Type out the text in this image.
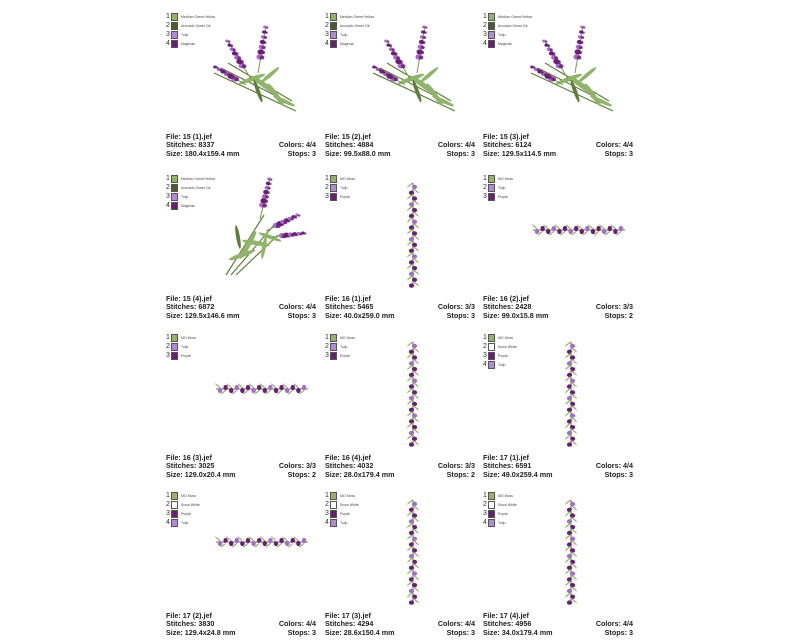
1	Medium Green/Yellow
2	Avocado Green Dk
3	Tulip
4	Magenta
File: 15 (1).jef
Stitches: 8337	Colors: 4/4
Size: 180.4x159.4 mm	Stops: 3
1	Medium Green/Yellow
2	Avocado Green Dk
3	Tulip
4	Magenta
File: 15 (2).jef
Stitches: 4884	Colors: 4/4
Size: 99.5x88.0 mm	Stops: 3
1	Medium Green/Yellow
2	Avocado Green Dk
3	Tulip
4	Magenta
File: 15 (3).jef
Stitches: 6124	Colors: 4/4
Size: 129.5x114.5 mm	Stops: 3
1	Medium Green/Yellow
2	Avocado Green Dk
3	Tulip
4	Magenta
File: 15 (4).jef
Stitches: 6872	Colors: 4/4
Size: 129.5x146.6 mm	Stops: 3
1	MO Moss
2	Tulip
3	Purple
File: 16 (1).jef
Stitches: 5465	Colors: 3/3
Size: 40.0x259.0 mm	Stops: 3
1	MO Moss
2	Tulip
3	Purple
File: 16 (2).jef
Stitches: 2428	Colors: 3/3
Size: 99.0x15.8 mm	Stops: 2
1	MO Moss
2	Tulip
3	Purple
File: 16 (3).jef
Stitches: 3025	Colors: 3/3
Size: 129.0x20.4 mm	Stops: 2
1	MO Moss
2	Tulip
3	Purple
File: 16 (4).jef
Stitches: 4032	Colors: 3/3
Size: 28.0x179.4 mm	Stops: 2
1	MO Moss
2	Snow White
3	Purple
4	Tulip
File: 17 (1).jef
Stitches: 6591	Colors: 4/4
Size: 49.0x259.4 mm	Stops: 3
1	MO Moss
2	Snow White
3	Purple
4	Tulip
File: 17 (2).jef
Stitches: 3830	Colors: 4/4
Size: 129.4x24.8 mm	Stops: 3
1	MO Moss
2	Snow White
3	Purple
4	Tulip
File: 17 (3).jef
Stitches: 4294	Colors: 4/4
Size: 28.6x150.4 mm	Stops: 3
1	MO Moss
2	Snow White
3	Purple
4	Tulip
File: 17 (4).jef
Stitches: 4956	Colors: 4/4
Size: 34.0x179.4 mm	Stops: 3
